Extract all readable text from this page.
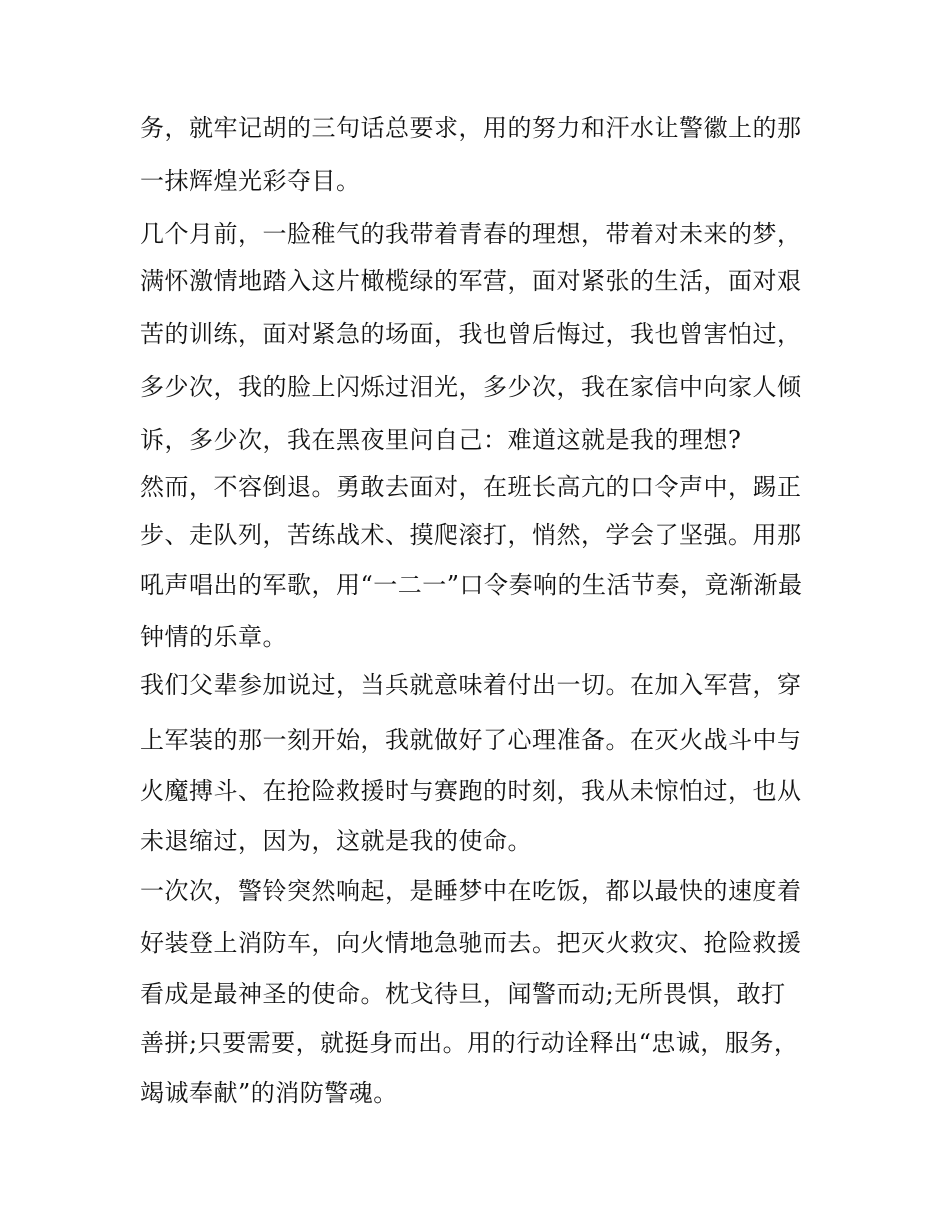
务，就牢记胡的三句话总要求，用的努力和汗水让警徽上的那
一抹辉煌光彩夺目。
几个月前，一脸稚气的我带着青春的理想，带着对未来的梦，
满怀激情地踏入这片橄榄绿的军营，面对紧张的生活，面对艰
苦的训练，面对紧急的场面，我也曾后悔过，我也曾害怕过，
多少次，我的脸上闪烁过泪光，多少次，我在家信中向家人倾
诉，多少次，我在黑夜里问自己：难道这就是我的理想?
然而，不容倒退。勇敢去面对，在班长高亢的口令声中，踢正
步、走队列，苦练战术、摸爬滚打，悄然，学会了坚强。用那
吼声唱出的军歌，用“一二一”口令奏响的生活节奏，竟渐渐最
钟情的乐章。
我们父辈参加说过，当兵就意味着付出一切。在加入军营，穿
上军装的那一刻开始，我就做好了心理准备。在灭火战斗中与
火魔搏斗、在抢险救援时与赛跑的时刻，我从未惊怕过，也从
未退缩过，因为，这就是我的使命。
一次次，警铃突然响起，是睡梦中在吃饭，都以最快的速度着
好装登上消防车，向火情地急驰而去。把灭火救灾、抢险救援
看成是最神圣的使命。枕戈待旦，闻警而动;无所畏惧，敢打
善拼;只要需要，就挺身而出。用的行动诠释出“忠诚，服务，
竭诚奉献”的消防警魂。
